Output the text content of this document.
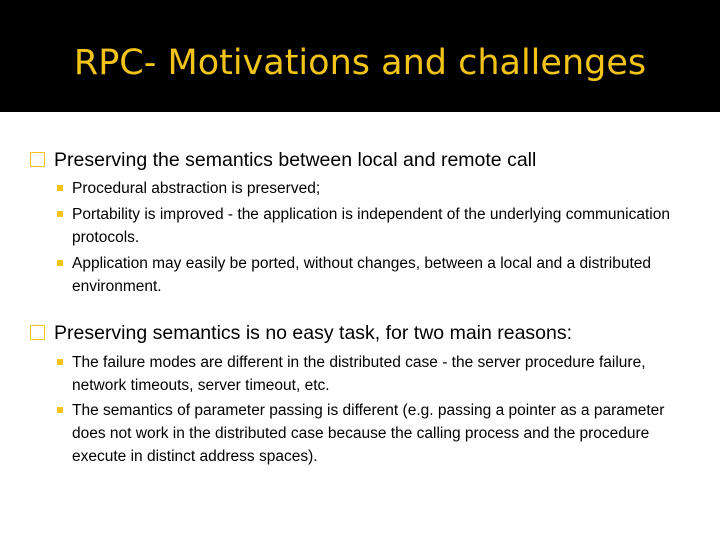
RPC- Motivations and challenges
Preserving the semantics between local and remote call
Procedural abstraction is preserved;
Portability is improved - the application is independent of the underlying communication protocols.
Application may easily be ported, without changes, between a local and a distributed environment.
Preserving semantics is no easy task, for two main reasons:
The failure modes are different in the distributed case - the server procedure failure, network timeouts, server timeout, etc.
The semantics of parameter passing is different (e.g. passing a pointer as a parameter does not work in the distributed case because the calling process and the procedure execute in distinct address spaces).
